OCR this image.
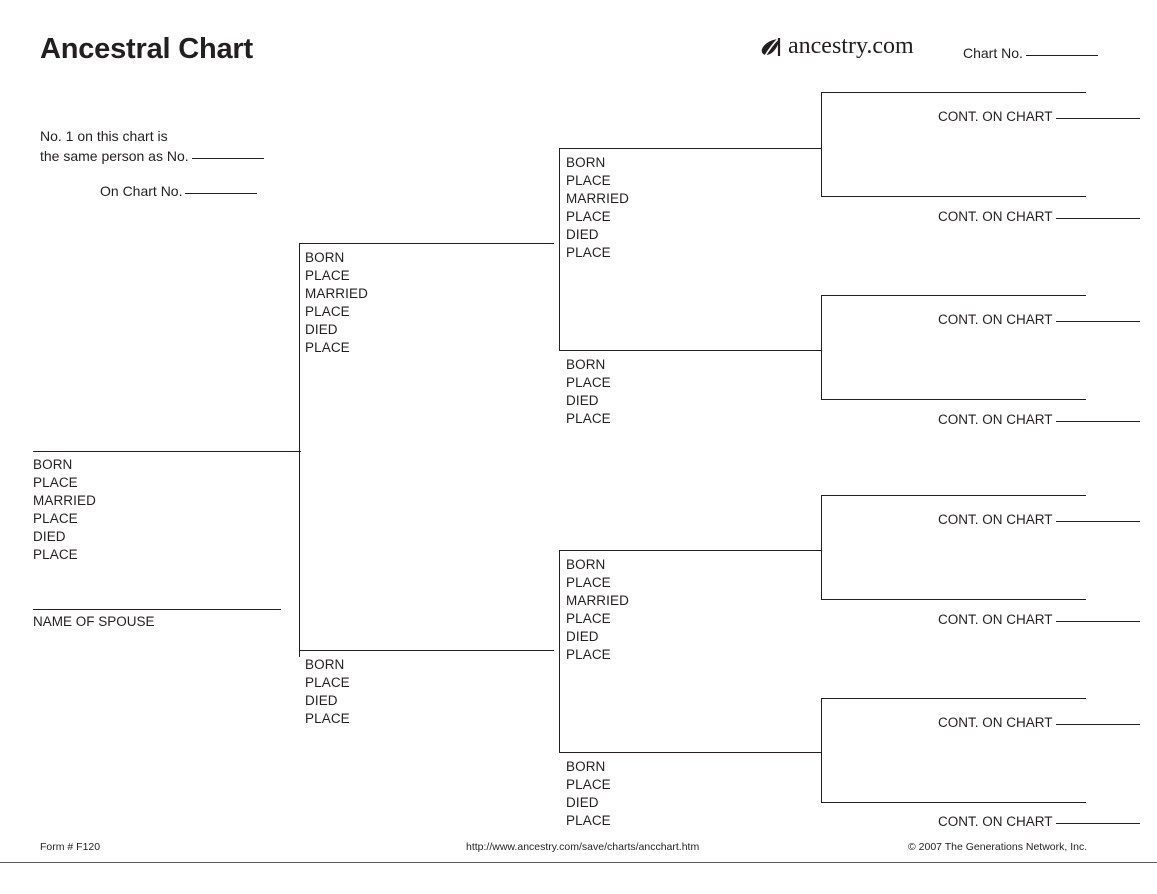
Ancestral Chart	ancestry.com	Chart No.
No. 1 on this chart is
the same person as No.
On Chart No.
BORN
PLACE
MARRIED
PLACE
DIED
PLACE
NAME OF SPOUSE
BORN
PLACE
MARRIED
PLACE
DIED
PLACE
BORN
PLACE
DIED
PLACE
BORN
PLACE
MARRIED
PLACE
DIED
PLACE
BORN
PLACE
DIED
PLACE
BORN
PLACE
MARRIED
PLACE
DIED
PLACE
BORN
PLACE
DIED
PLACE
CONT. ON CHART
CONT. ON CHART
CONT. ON CHART
CONT. ON CHART
CONT. ON CHART
CONT. ON CHART
CONT. ON CHART
CONT. ON CHART
Form # F120	http://www.ancestry.com/save/charts/ancchart.htm	© 2007 The Generations Network, Inc.
